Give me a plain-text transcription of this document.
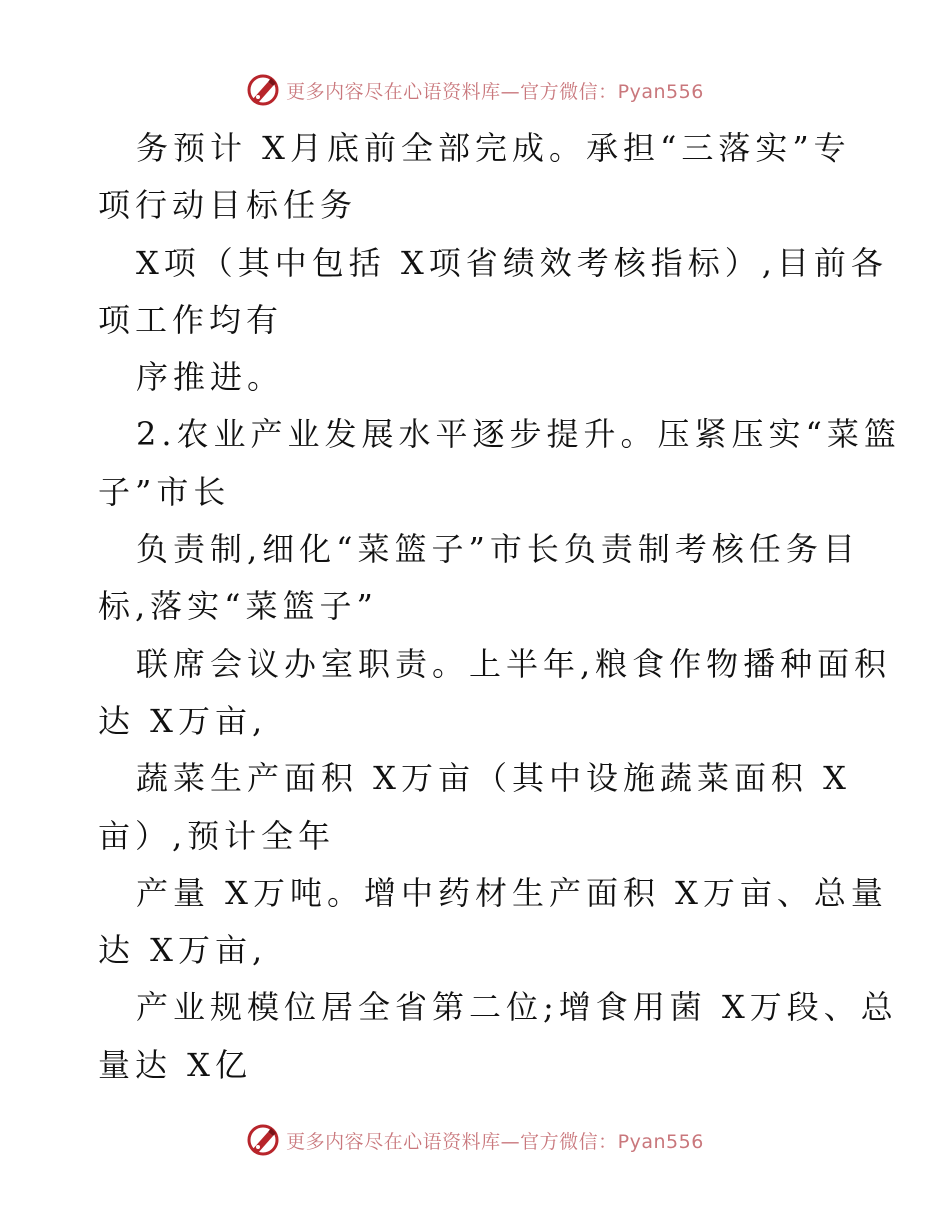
更多内容尽在心语资料库—官方微信：Pyan556
务预计 X月底前全部完成。承担“三落实”专
项行动目标任务
X项（其中包括 X项省绩效考核指标）,目前各
项工作均有
序推进。
2.农业产业发展水平逐步提升。压紧压实“菜篮
子”市长
负责制,细化“菜篮子”市长负责制考核任务目
标,落实“菜篮子”
联席会议办室职责。上半年,粮食作物播种面积
达 X万亩,
蔬菜生产面积 X万亩（其中设施蔬菜面积 X
亩）,预计全年
产量 X万吨。增中药材生产面积 X万亩、总量
达 X万亩,
产业规模位居全省第二位;增食用菌 X万段、总
量达 X亿
更多内容尽在心语资料库—官方微信：Pyan556
